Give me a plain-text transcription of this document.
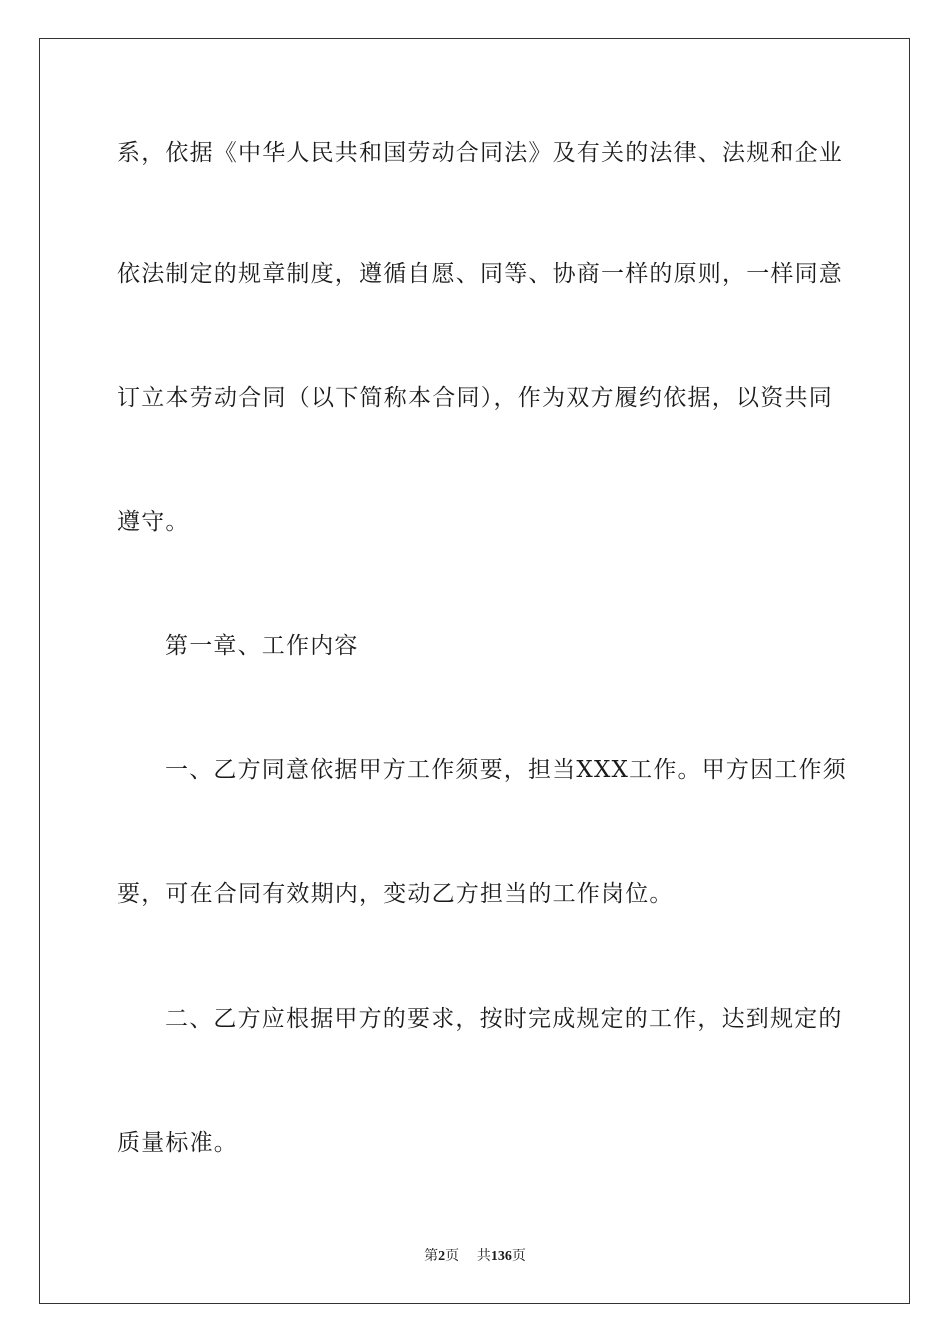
系，依据《中华人民共和国劳动合同法》及有关的法律、法规和企业
依法制定的规章制度，遵循自愿、同等、协商一样的原则，一样同意
订立本劳动合同（以下简称本合同），作为双方履约依据，以资共同
遵守。
第一章、工作内容
一、乙方同意依据甲方工作须要，担当XXX工作。甲方因工作须
要，可在合同有效期内，变动乙方担当的工作岗位。
二、乙方应根据甲方的要求，按时完成规定的工作，达到规定的
质量标准。
第2页 共136页
